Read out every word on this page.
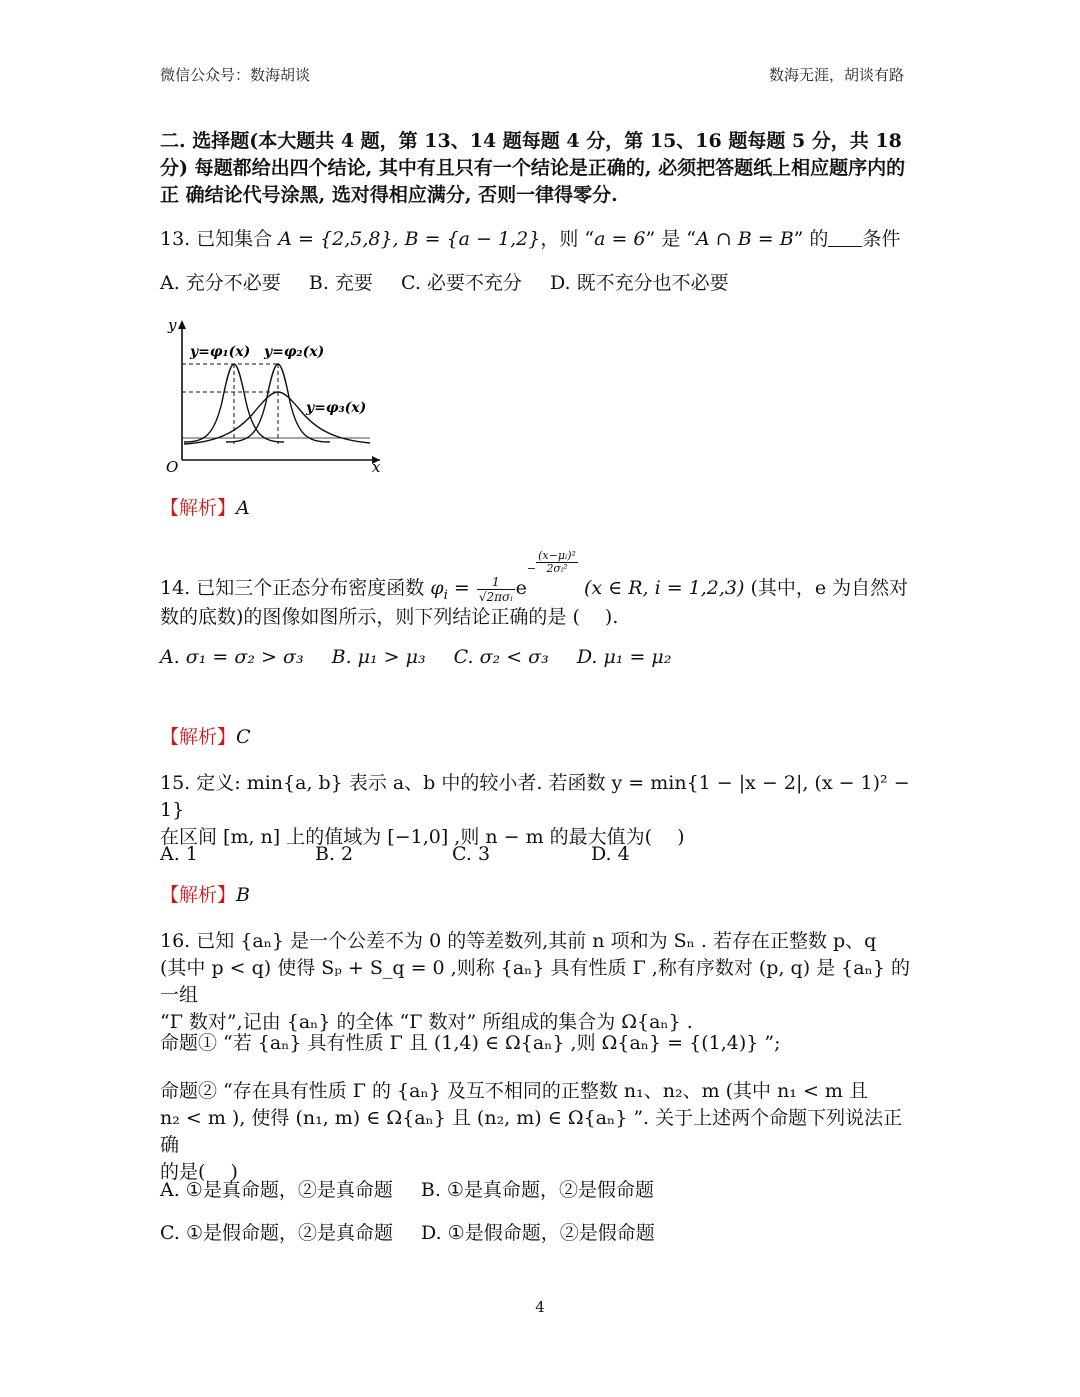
微信公众号：数海胡谈	数海无涯，胡谈有路
二. 选择题(本大题共 4 题，第 13、14 题每题 4 分，第 15、16 题每题 5 分，共 18 分) 每题都给出四个结论, 其中有且只有一个结论是正确的, 必须把答题纸上相应题序内的正 确结论代号涂黑, 选对得相应满分, 否则一律得零分.
13. 已知集合 A = {2,5,8}, B = {a − 1,2}，则 “a = 6” 是 “A ∩ B = B” 的 条件
A. 充分不必要 B. 充要 C. 必要不充分 D. 既不充分也不必要
y
x
O
y=φ₁(x) y=φ₂(x)
y=φ₃(x)
【解析】A
14. 已知三个正态分布密度函数 $\varphi_i = \frac{1}{\text{√2πσᵢ}} e^- \frac{\text{(x−μᵢ)²}}{\text{2σᵢ²}}$
(x ∈ R, i = 1,2,3) (其中，e 为自然对数的底数)的图像如图所示，则下列结论正确的是 (　 ).
A. σ₁ = σ₂ > σ₃ B. μ₁ > μ₃ C. σ₂ < σ₃ D. μ₁ = μ₂
【解析】C
15. 定义: min{a, b} 表示 a、b 中的较小者. 若函数 y = min{1 − |x − 2|, (x − 1)² − 1}
在区间 [m, n] 上的值域为 [−1,0] ,则 n − m 的最大值为(　 )
A. 1	B. 2	C. 3	D. 4
【解析】B
16. 已知 {aₙ} 是一个公差不为 0 的等差数列,其前 n 项和为 Sₙ . 若存在正整数 p、q
(其中 p < q) 使得 Sₚ + S_q = 0 ,则称 {aₙ} 具有性质 Γ ,称有序数对 (p, q) 是 {aₙ} 的一组
“Γ 数对”,记由 {aₙ} 的全体 “Γ 数对” 所组成的集合为 Ω{aₙ} .
命题① “若 {aₙ} 具有性质 Γ 且 (1,4) ∈ Ω{aₙ} ,则 Ω{aₙ} = {(1,4)} ”;
命题② “存在具有性质 Γ 的 {aₙ} 及互不相同的正整数 n₁、n₂、m (其中 n₁ < m 且
n₂ < m ), 使得 (n₁, m) ∈ Ω{aₙ} 且 (n₂, m) ∈ Ω{aₙ} ”. 关于上述两个命题下列说法正确
的是(　 )
A. ①是真命题，②是真命题 B. ①是真命题，②是假命题
C. ①是假命题，②是真命题 D. ①是假命题，②是假命题
4
